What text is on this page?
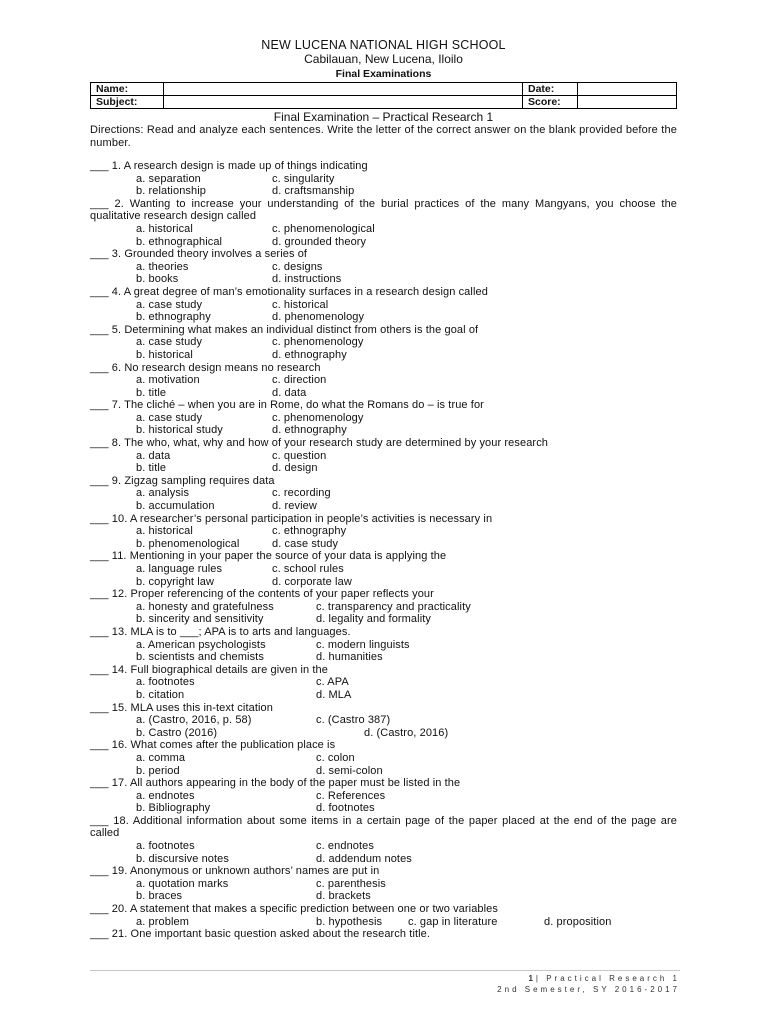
NEW LUCENA NATIONAL HIGH SCHOOL
Cabilauan, New Lucena, Iloilo
Final Examinations
Name:		Date:	
Subject:		Score:	
Final Examination – Practical Research 1
Directions: Read and analyze each sentences. Write the letter of the correct answer on the blank provided before the number.
___ 1. A research design is made up of things indicating
a. separation	c. singularity
b. relationship	d. craftsmanship
___ 2. Wanting to increase your understanding of the burial practices of the many Mangyans, you choose the qualitative research design called
a. historical	c. phenomenological
b. ethnographical	d. grounded theory
___ 3. Grounded theory involves a series of
a. theories	c. designs
b. books	d. instructions
___ 4. A great degree of man’s emotionality surfaces in a research design called
a. case study	c. historical
b. ethnography	d. phenomenology
___ 5. Determining what makes an individual distinct from others is the goal of
a. case study	c. phenomenology
b. historical	d. ethnography
___ 6. No research design means no research
a. motivation	c. direction
b. title	d. data
___ 7. The cliché – when you are in Rome, do what the Romans do – is true for
a. case study	c. phenomenology
b. historical study	d. ethnography
___ 8. The who, what, why and how of your research study are determined by your research
a. data	c. question
b. title	d. design
___ 9. Zigzag sampling requires data
a. analysis	c. recording
b. accumulation	d. review
___ 10. A researcher’s personal participation in people’s activities is necessary in
a. historical	c. ethnography
b. phenomenological	d. case study
___ 11. Mentioning in your paper the source of your data is applying the
a. language rules	c. school rules
b. copyright law	d. corporate law
___ 12. Proper referencing of the contents of your paper reflects your
a. honesty and gratefulness	c. transparency and practicality
b. sincerity and sensitivity	d. legality and formality
___ 13. MLA is to ___; APA is to arts and languages.
a. American psychologists	c. modern linguists
b. scientists and chemists	d. humanities
___ 14. Full biographical details are given in the
a. footnotes	c. APA
b. citation	d. MLA
___ 15. MLA uses this in-text citation
a. (Castro, 2016, p. 58)	c. (Castro 387)
b. Castro (2016)	d. (Castro, 2016)
___ 16. What comes after the publication place is
a. comma	c. colon
b. period	d. semi-colon
___ 17. All authors appearing in the body of the paper must be listed in the
a. endnotes	c. References
b. Bibliography	d. footnotes
___ 18. Additional information about some items in a certain page of the paper placed at the end of the page are called
a. footnotes	c. endnotes
b. discursive notes	d. addendum notes
___ 19. Anonymous or unknown authors’ names are put in
a. quotation marks	c. parenthesis
b. braces	d. brackets
___ 20. A statement that makes a specific prediction between one or two variables
a. problem	b. hypothesis	c. gap in literature	d. proposition
___ 21. One important basic question asked about the research title.
1| Practical Research 1
2nd Semester, SY 2016-2017
